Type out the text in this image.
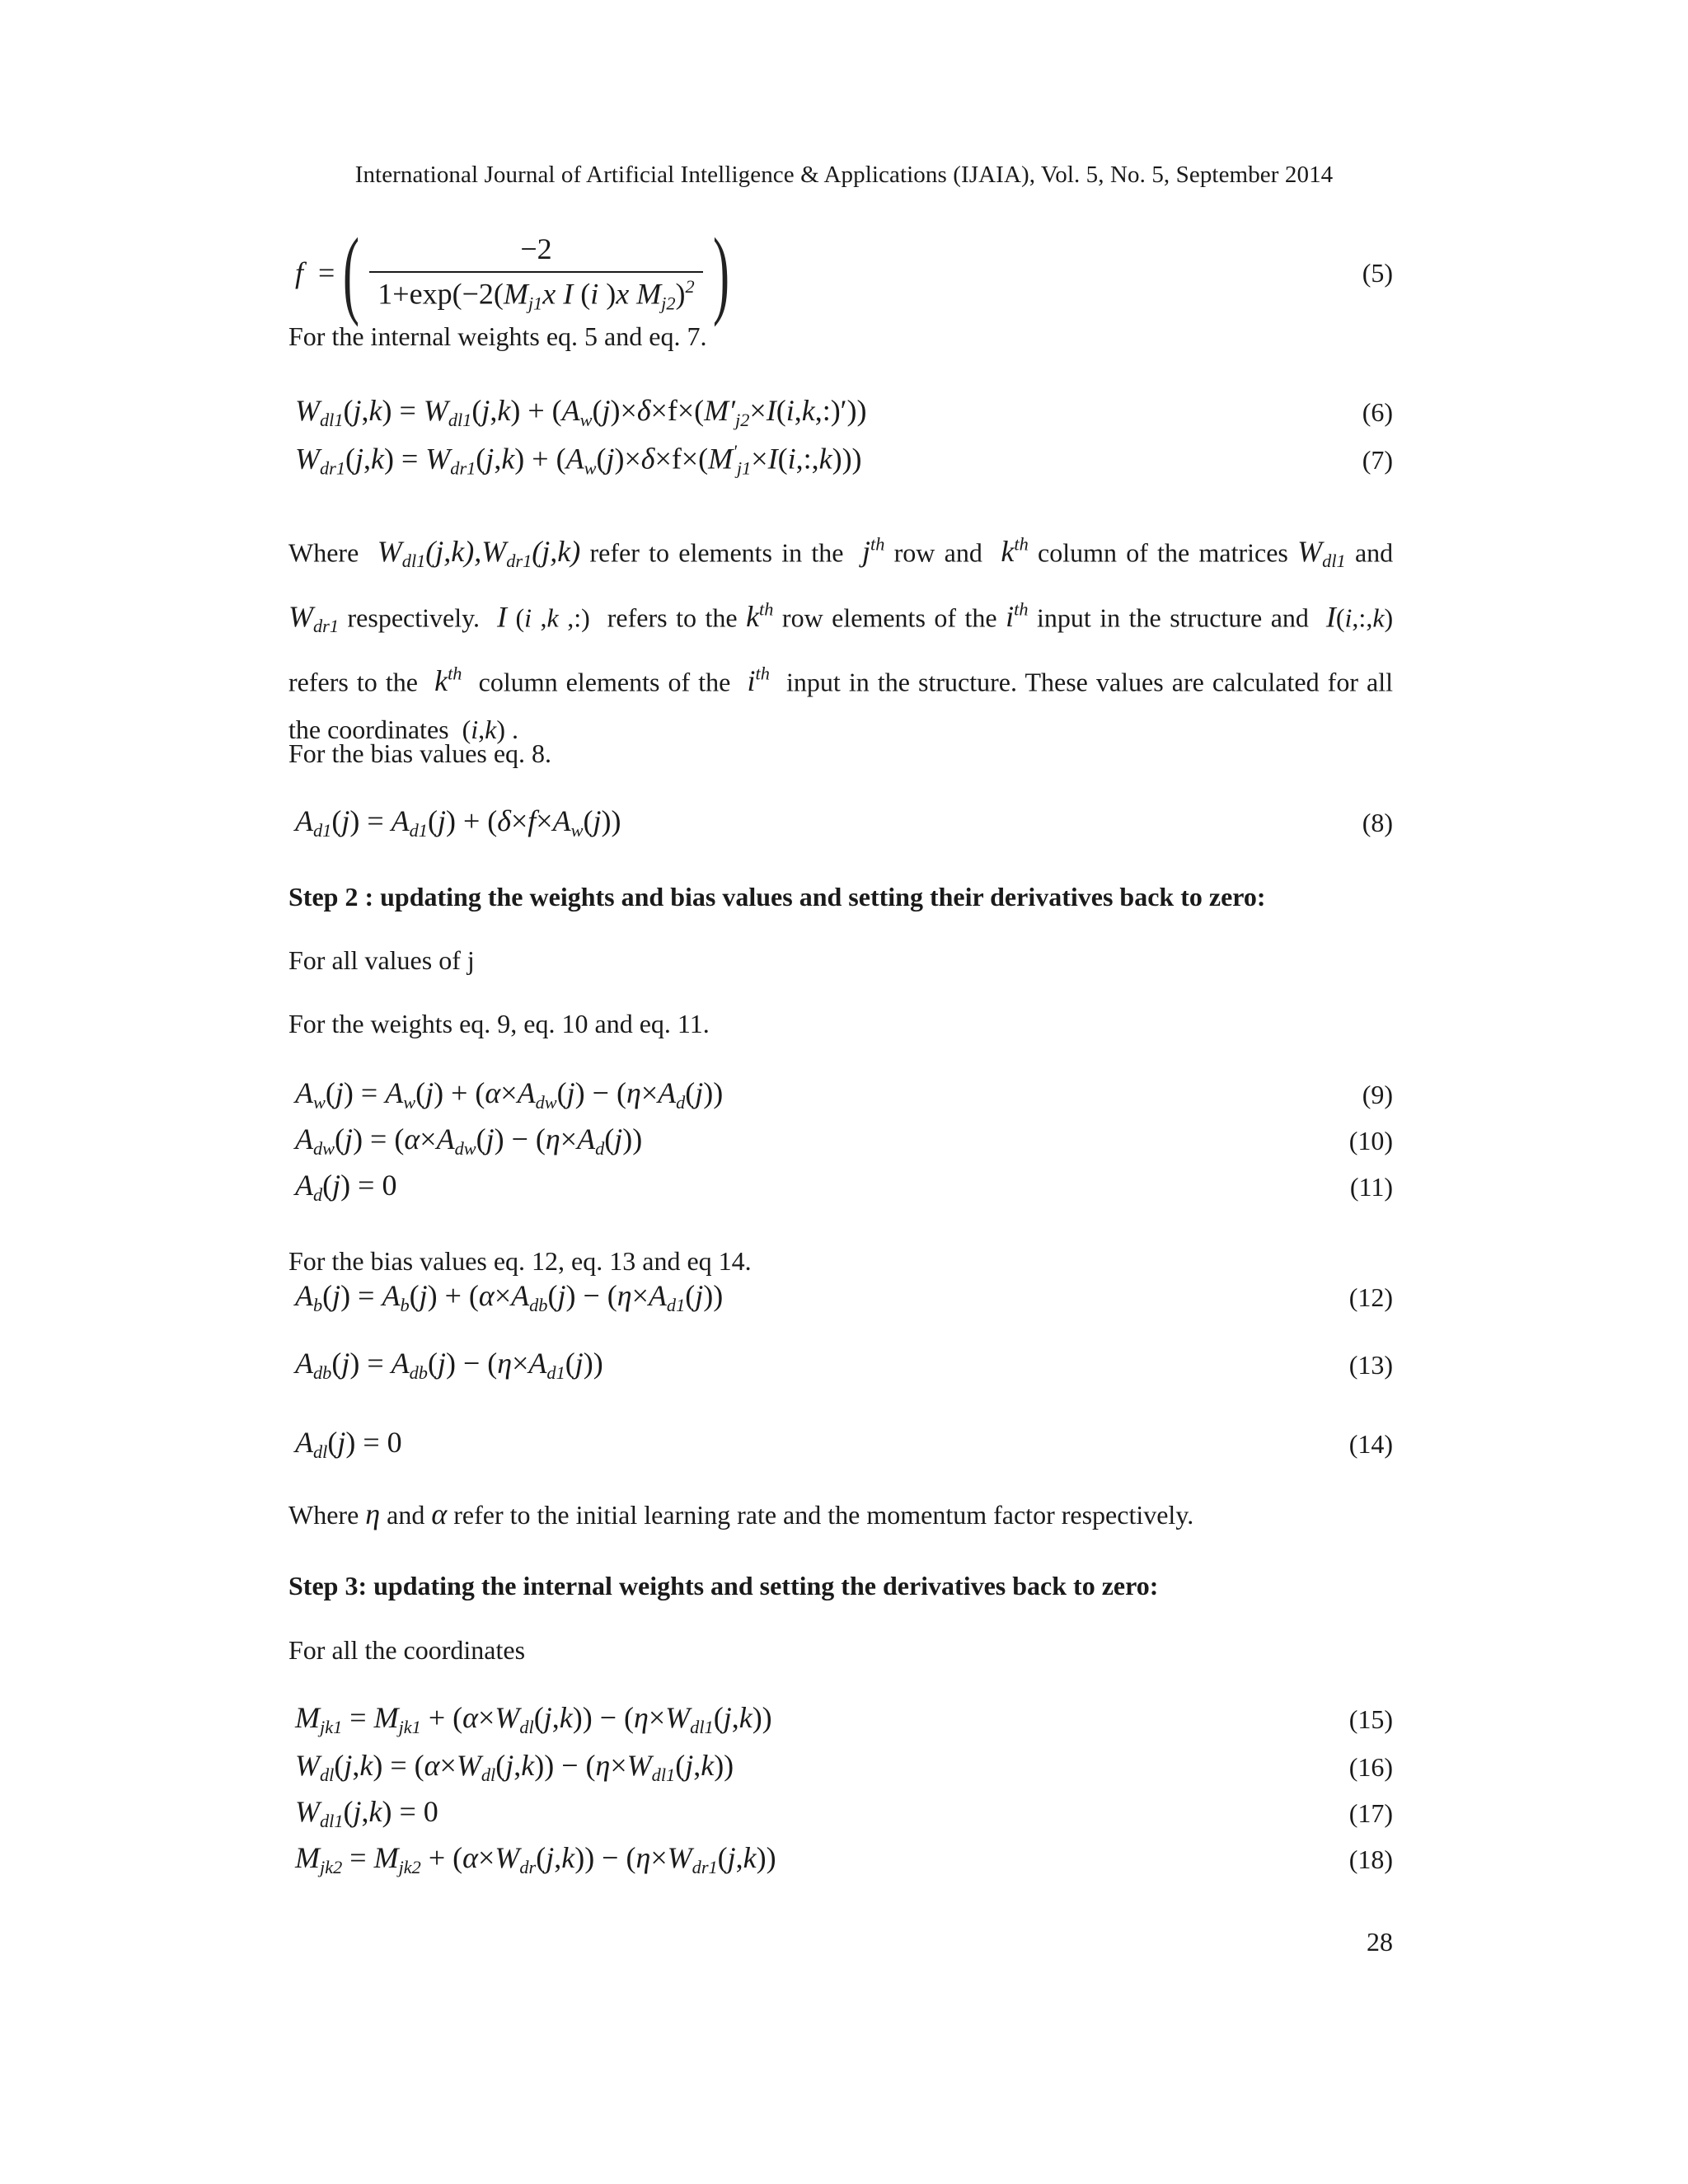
International Journal of Artificial Intelligence & Applications (IJAIA), Vol. 5, No. 5, September 2014
f = ( $\frac{-2}{1+\exp(-2(M_{j1}x I (i )x M_{j2})^2}$ )	(5)
For the internal weights eq. 5 and eq. 7.
$W_{dl1}(j,k) = W_{dl1}(j,k)$ + $(A_w(j)\times\delta\times f\times(M'_{j2}\times I(i,k,:)'))$	(6)
$W_{dr1}(j,k) = W_{dr1}(j,k)$ + $(A_w(j)\times\delta\times f\times(M'_{j1}\times I(i,:,k)))$	(7)
Where $W_{dl1}(j,k),W_{dr1}(j,k)$ refer to elements in the $j^{th}$ row and $k^{th}$ column of the matrices $W_{dl1}$ and $W_{dr1}$ respectively. I (i ,k ,:)  refers to the $k^{th}$ row elements of the $i^{th}$ input in the structure and I(i,:,k) refers to the $k^{th}$ column elements of the $i^{th}$ input in the structure. These values are calculated for all the coordinates  (i,k) .
For the bias values eq. 8.
$A_{d1}(j) = A_{d1}(j) + (\delta\times f\times A_w(j))$	(8)
Step 2 : updating the weights and bias values and setting their derivatives back to zero:
For all values of j
For the weights eq. 9, eq. 10 and eq. 11.
$A_w(j) = A_w(j) + (\alpha\times A_{dw}(j) - (\eta\times A_d(j))$	(9)
$A_{dw}(j) = (\alpha\times A_{dw}(j) - (\eta\times A_d(j))$	(10)
$A_d(j) = 0$	(11)
For the bias values eq. 12, eq. 13 and eq 14.
$A_b(j) = A_b(j) + (\alpha\times A_{db}(j) - (\eta\times A_{d1}(j))$	(12)
$A_{db}(j) = A_{db}(j) - (\eta\times A_{d1}(j))$	(13)
$A_{dl}(j) = 0$	(14)
Where η and α refer to the initial learning rate and the momentum factor respectively.
Step 3: updating the internal weights and setting the derivatives back to zero:
For all the coordinates
$M_{jk1} = M_{jk1} + (\alpha\times W_{dl}(j,k)) - (\eta\times W_{dl1}(j,k))$	(15)
$W_{dl}(j,k) = (\alpha\times W_{dl}(j,k)) - (\eta\times W_{dl1}(j,k))$	(16)
$W_{dl1}(j,k) = 0$	(17)
$M_{jk2} = M_{jk2} + (\alpha\times W_{dr}(j,k)) - (\eta\times W_{dr1}(j,k))$	(18)
28
